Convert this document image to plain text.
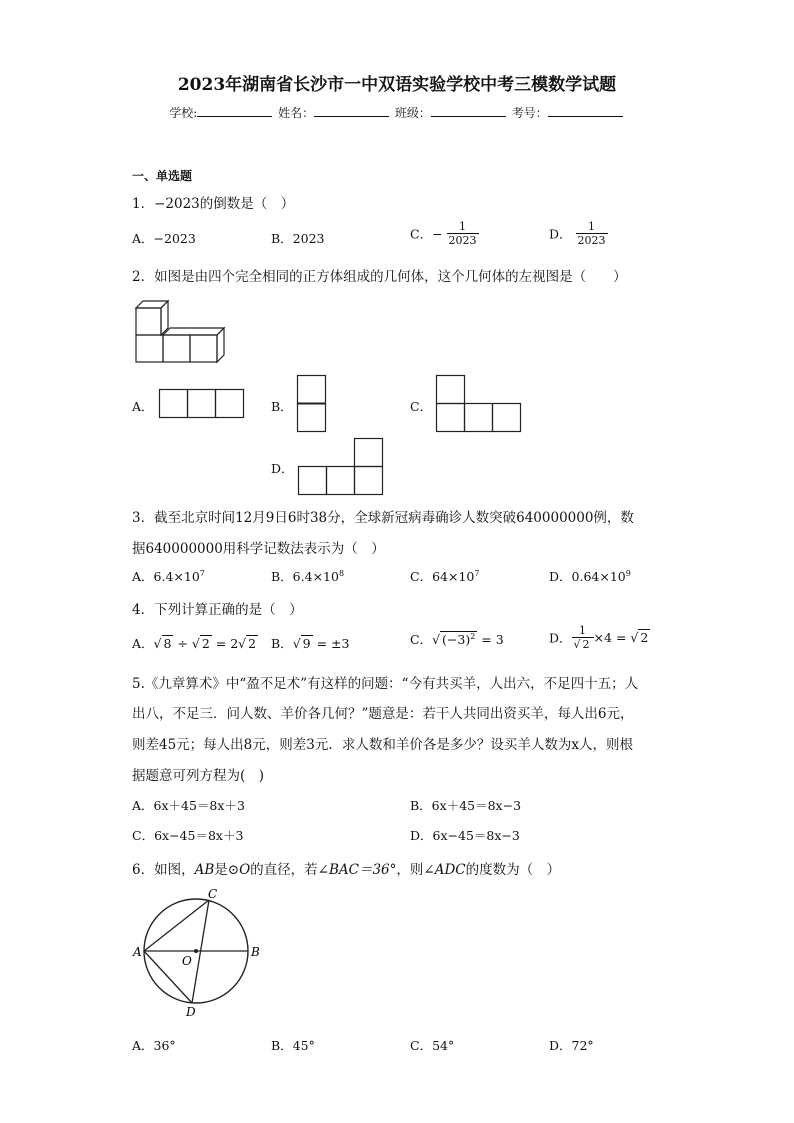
2023年湖南省长沙市一中双语实验学校中考三模数学试题
学校:	姓名：	班级：	考号：
一、单选题
1．−2023的倒数是（　）
A．−2023	B．2023	C．− $\frac{1}{2023}$	D． $\frac{1}{2023}$
2．如图是由四个完全相同的正方体组成的几何体，这个几何体的左视图是（　　）
A．	B．	C．
D．
3．截至北京时间12月9日6时38分，全球新冠病毒确诊人数突破640000000例，数
据640000000用科学记数法表示为（　）
A．$6.4\times 10^7$	B．$6.4\times 10^8$	C．$64\times 10^7$	D．$0.64\times 10^9$
4．下列计算正确的是（　）
A．√ 8 ÷ √ 2 = 2√ 2 B．√ 9 = ±3	C．√ $(-3)^2 = 3$	D． $\frac{1}{√ 2} \times 4$ = √ 2
5.《九章算术》中“盈不足术”有这样的问题：“今有共买羊，人出六，不足四十五；人
出八，不足三．问人数、羊价各几何？”题意是：若干人共同出资买羊，每人出6元，
则差45元；每人出8元，则差3元．求人数和羊价各是多少？设买羊人数为x人，则根
据题意可列方程为(　)
A．6x＋45＝8x＋3	B．6x＋45＝8x−3
C．6x−45＝8x＋3	D．6x−45＝8x−3
6．如图，AB是⊙O的直径，若∠BAC＝36°，则∠ADC的度数为（　）
A	B
C
D
O
A．36°	B．45°	C．54°	D．72°
